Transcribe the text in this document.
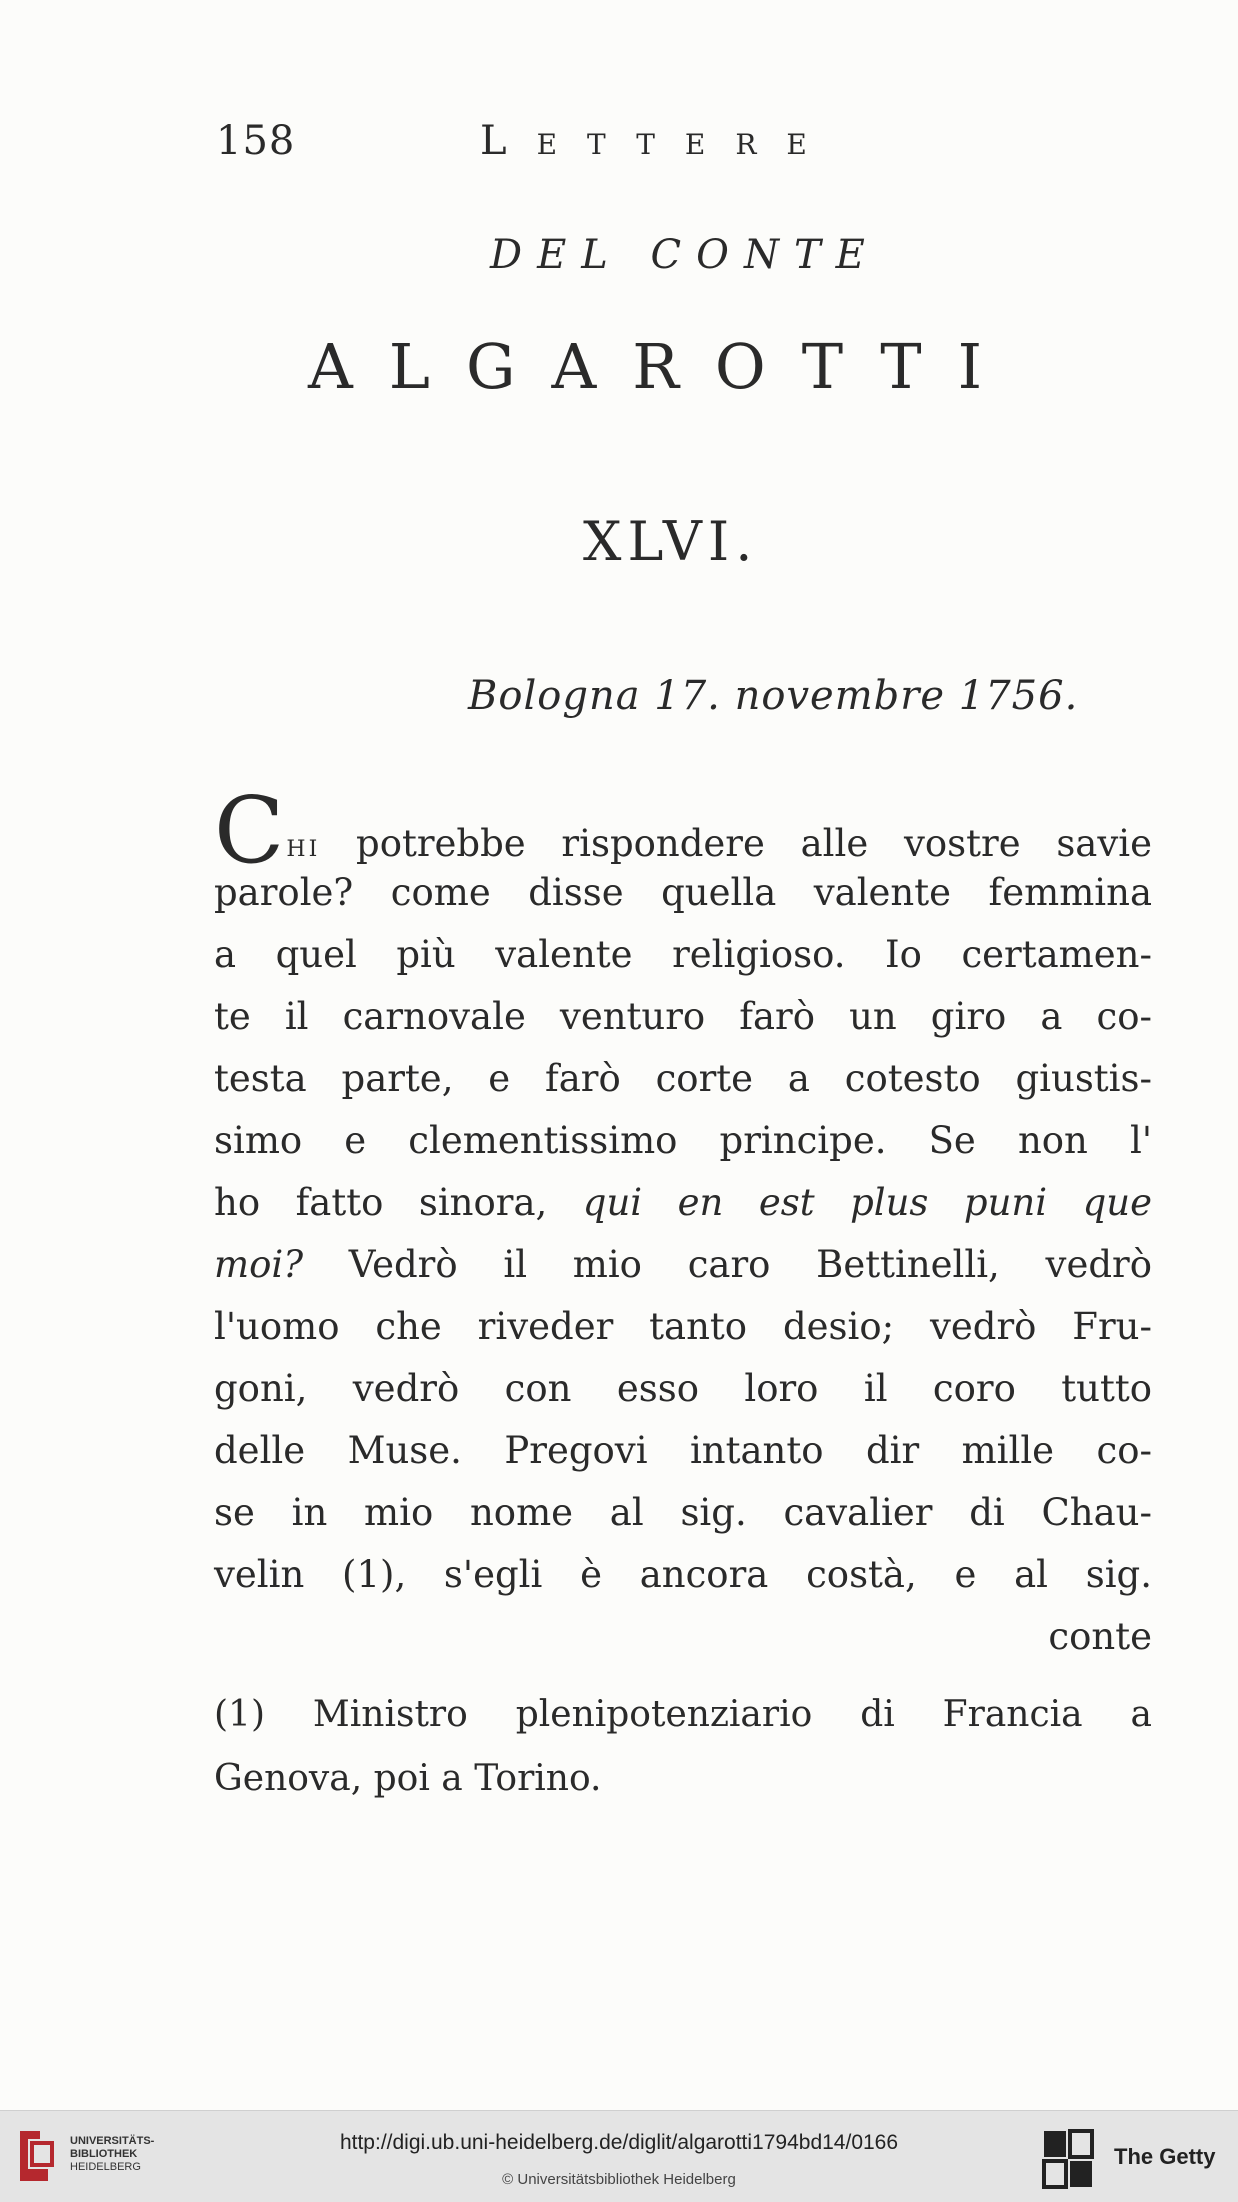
158	Lettere
DEL CONTE
ALGAROTTI
XLVI.
Bologna 17. novembre 1756.
Chi potrebbe rispondere alle vostre savie
parole? come disse quella valente femmina
a quel più valente religioso. Io certamen-
te il carnovale venturo farò un giro a co-
testa parte, e farò corte a cotesto giustis-
simo e clementissimo principe. Se non l'
ho fatto sinora, qui en est plus puni que
moi? Vedrò il mio caro Bettinelli, vedrò
l'uomo che riveder tanto desio; vedrò Fru-
goni, vedrò con esso loro il coro tutto
delle Muse. Pregovi intanto dir mille co-
se in mio nome al sig. cavalier di Chau-
velin (1), s'egli è ancora costà, e al sig.
conte
(1) Ministro plenipotenziario di Francia a
Genova, poi a Torino.
UNIVERSITÄTS-
BIBLIOTHEK
HEIDELBERG
http://digi.ub.uni-heidelberg.de/diglit/algarotti1794bd14/0166
© Universitätsbibliothek Heidelberg
The Getty
